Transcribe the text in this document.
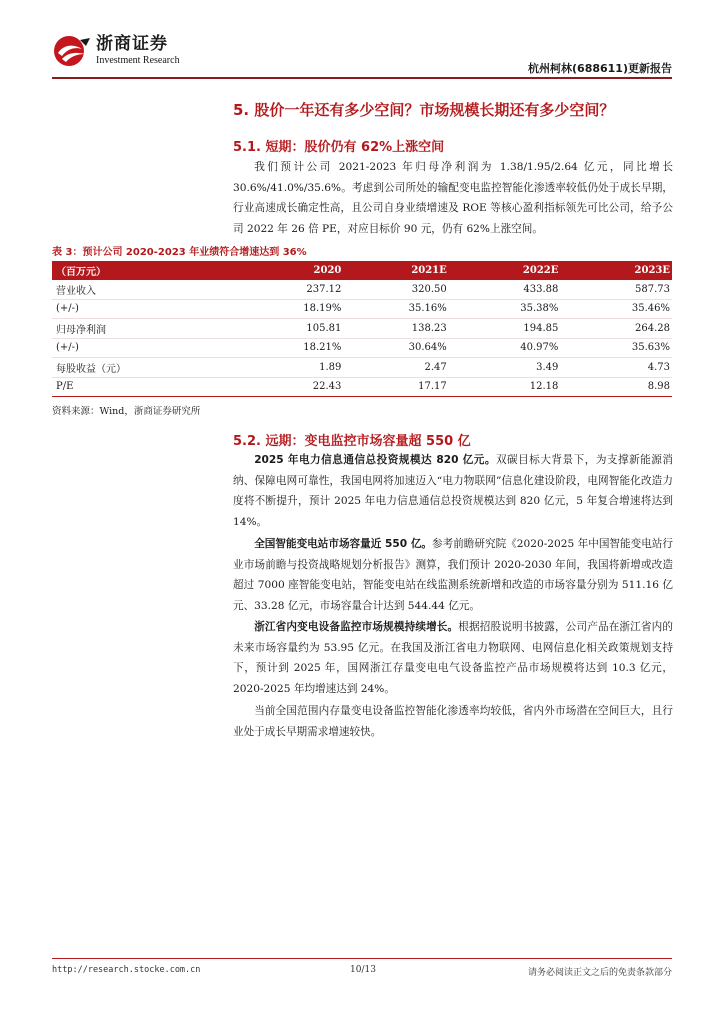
浙商证券
Investment Research
杭州柯林(688611)更新报告
5. 股价一年还有多少空间？市场规模长期还有多少空间？
5.1. 短期：股价仍有 62%上涨空间
我们预计公司 2021-2023 年归母净利润为 1.38/1.95/2.64 亿元，同比增长30.6%/41.0%/35.6%。考虑到公司所处的输配变电监控智能化渗透率较低仍处于成长早期，行业高速成长确定性高，且公司自身业绩增速及 ROE 等核心盈利指标领先可比公司，给予公司 2022 年 26 倍 PE，对应目标价 90 元，仍有 62%上涨空间。
表 3：预计公司 2020-2023 年业绩符合增速达到 36%
（百万元）	2020	2021E	2022E	2023E
营业收入	237.12	320.50	433.88	587.73
(+/-)	18.19%	35.16%	35.38%	35.46%
归母净利润	105.81	138.23	194.85	264.28
(+/-)	18.21%	30.64%	40.97%	35.63%
每股收益（元）	1.89	2.47	3.49	4.73
P/E	22.43	17.17	12.18	8.98
资料来源：Wind，浙商证券研究所
5.2. 远期：变电监控市场容量超 550 亿
2025 年电力信息通信总投资规模达 820 亿元。双碳目标大背景下，为支撑新能源消纳、保障电网可靠性，我国电网将加速迈入“电力物联网”信息化建设阶段，电网智能化改造力度将不断提升，预计 2025 年电力信息通信总投资规模达到 820 亿元，5 年复合增速将达到 14%。
全国智能变电站市场容量近 550 亿。参考前瞻研究院《2020-2025 年中国智能变电站行业市场前瞻与投资战略规划分析报告》测算，我们预计 2020-2030 年间，我国将新增或改造超过 7000 座智能变电站，智能变电站在线监测系统新增和改造的市场容量分别为 511.16 亿元、33.28 亿元，市场容量合计达到 544.44 亿元。
浙江省内变电设备监控市场规模持续增长。根据招股说明书披露，公司产品在浙江省内的未来市场容量约为 53.95 亿元。在我国及浙江省电力物联网、电网信息化相关政策规划支持下，预计到 2025 年，国网浙江存量变电电气设备监控产品市场规模将达到 10.3 亿元，2020-2025 年均增速达到 24%。
当前全国范围内存量变电设备监控智能化渗透率均较低，省内外市场潜在空间巨大，且行业处于成长早期需求增速较快。
http://research.stocke.com.cn	10/13	请务必阅读正文之后的免责条款部分
